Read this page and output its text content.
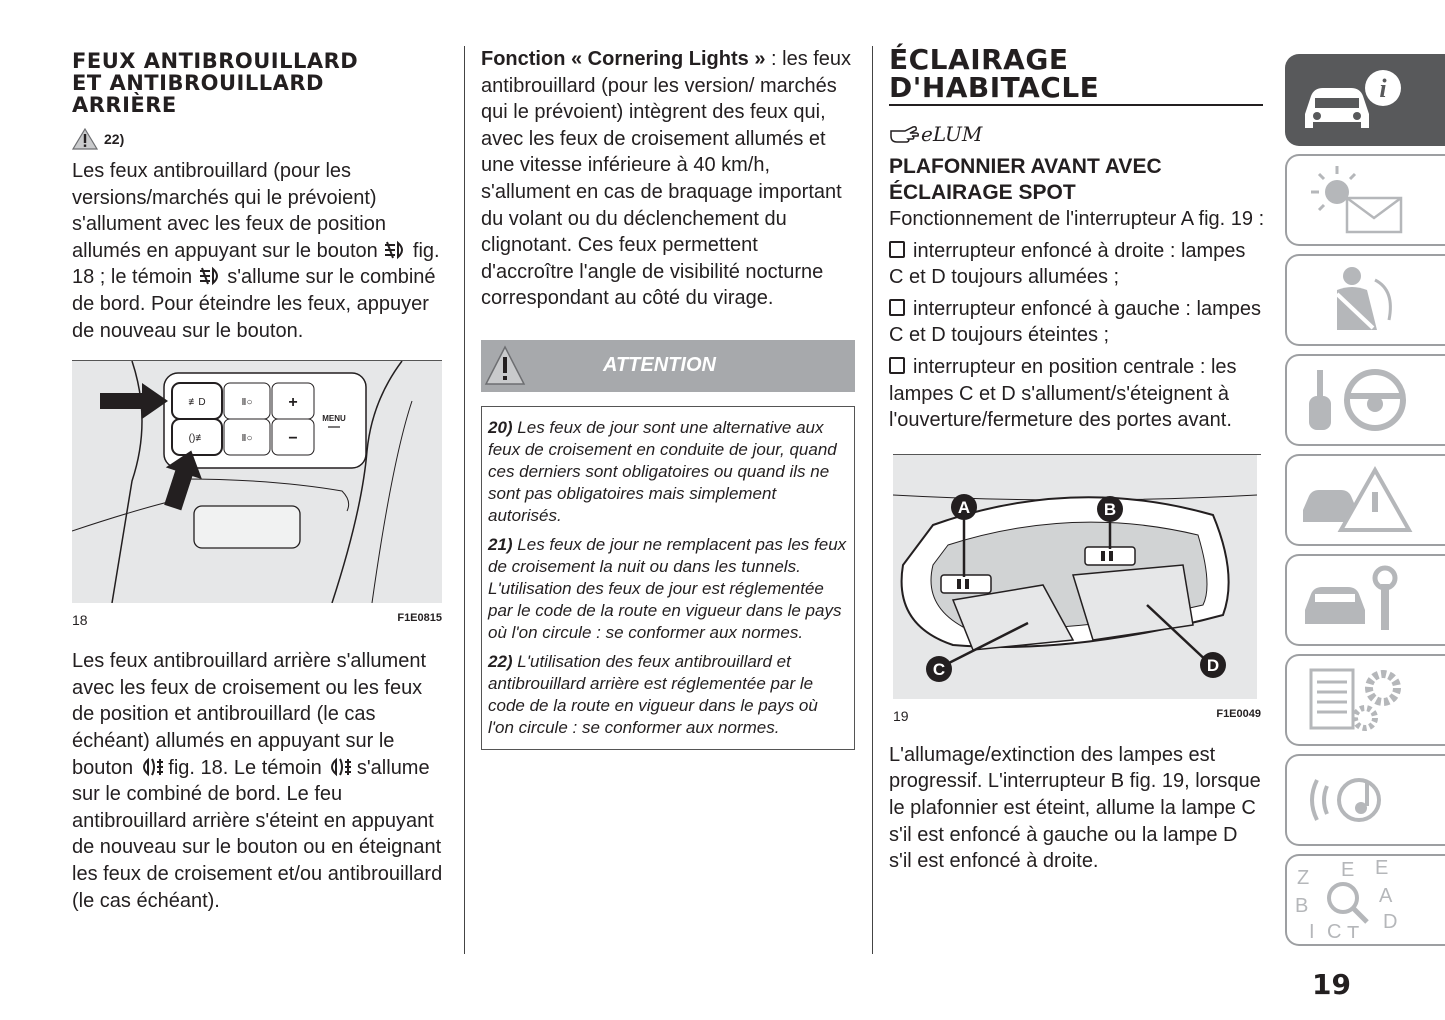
FEUX ANTIBROUILLARD
ET ANTIBROUILLARD
ARRIÈRE
22)

Les feux antibrouillard (pour les versions/marchés qui le prévoient) s'allument avec les feux de position allumés en appuyant sur le bouton fig. 18 ; le témoin s'allume sur le combiné de bord. Pour éteindre les feux, appuyer de nouveau sur le bouton.

+
−
MENU
≢D
()≢
Ⅱ○
Ⅱ○
18	F1E0815

Les feux antibrouillard arrière s'allument avec les feux de croisement ou les feux de position et antibrouillard (le cas échéant) allumés en appuyant sur le bouton fig. 18. Le témoin s'allume sur le combiné de bord. Le feu antibrouillard arrière s'éteint en appuyant de nouveau sur le bouton ou en éteignant les feux de croisement et/ou antibrouillard (le cas échéant).

Fonction « Cornering Lights » : les feux antibrouillard (pour les version/ marchés qui le prévoient) intègrent des feux qui, avec les feux de croisement allumés et une vitesse inférieure à 40 km/h, s'allument en cas de braquage important du volant ou du déclenchement du clignotant. Ces feux permettent d'accroître l'angle de visibilité nocturne correspondant au côté du virage.

ATTENTION

20) Les feux de jour sont une alternative aux feux de croisement en conduite de jour, quand ces derniers sont obligatoires ou quand ils ne sont pas obligatoires mais simplement autorisés.

21) Les feux de jour ne remplacent pas les feux de croisement la nuit ou dans les tunnels. L'utilisation des feux de jour est réglementée par le code de la route en vigueur dans le pays où l'on circule : se conformer aux normes.

22) L'utilisation des feux antibrouillard et antibrouillard arrière est réglementée par le code de la route en vigueur dans le pays où l'on circule : se conformer aux normes.

ÉCLAIRAGE
D'HABITACLE
eLUM
PLAFONNIER AVANT AVEC
ÉCLAIRAGE SPOT

Fonctionnement de l'interrupteur A fig. 19 :

interrupteur enfoncé à droite : lampes C et D toujours allumées ;

interrupteur enfoncé à gauche : lampes C et D toujours éteintes ;

interrupteur en position centrale : les lampes C et D s'allument/s'éteignent à l'ouverture/fermeture des portes avant.

A	B
C	D
19	F1E0049

L'allumage/extinction des lampes est progressif. L'interrupteur B fig. 19, lorsque le plafonnier est éteint, allume la lampe C s'il est enfoncé à gauche ou la lampe D s'il est enfoncé à droite.

i
Z E E
B	A
D
I C T
19
